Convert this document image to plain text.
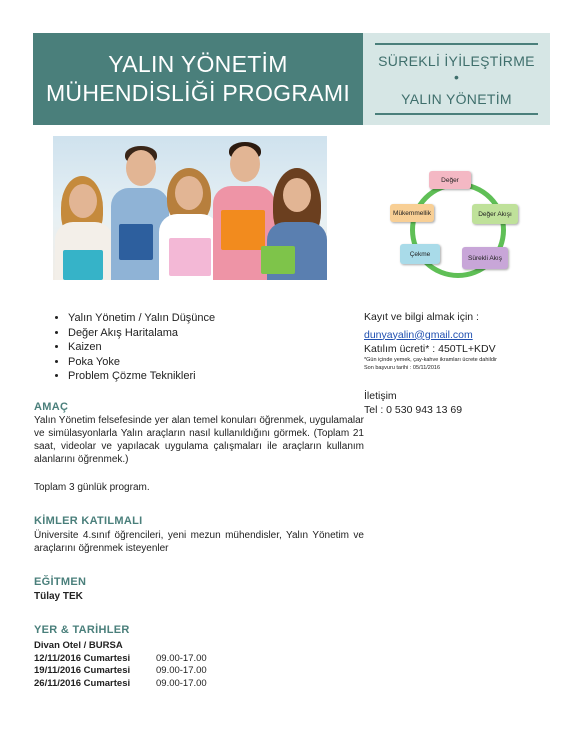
YALIN YÖNETİM
MÜHENDİSLİĞİ PROGRAMI
SÜREKLİ İYİLEŞTİRME
•
YALIN YÖNETİM
Değer
Değer Akışı
Sürekli Akış
Çekme
Mükemmellik
• Yalın Yönetim / Yalın Düşünce
• Değer Akış Haritalama
• Kaizen
• Poka Yoke
• Problem Çözme Teknikleri
Kayıt ve bilgi almak için :
dunyayalin@gmail.com
Katılım ücreti* : 450TL+KDV
*Gün içinde yemek, çay-kahve ikramları ücrete dahildir
Son başvuru tarihi : 05/11/2016
İletişim
Tel : 0 530 943 13 69
AMAÇ
Yalın Yönetim felsefesinde yer alan temel konuları öğrenmek, uygulamalar ve simülasyonlarla Yalın araçların nasıl kullanıldığını görmek. (Toplam 21 saat, videolar ve yapılacak uygulama çalışmaları ile araçların kullanım alanlarını öğrenmek.)
Toplam 3 günlük program.
KİMLER KATILMALI
Üniversite 4.sınıf öğrencileri, yeni mezun mühendisler, Yalın Yönetim ve araçlarını öğrenmek isteyenler
EĞİTMEN
Tülay TEK
YER & TARİHLER
Divan Otel / BURSA
12/11/2016 Cumartesi	09.00-17.00
19/11/2016 Cumartesi	09.00-17.00
26/11/2016 Cumartesi	09.00-17.00
